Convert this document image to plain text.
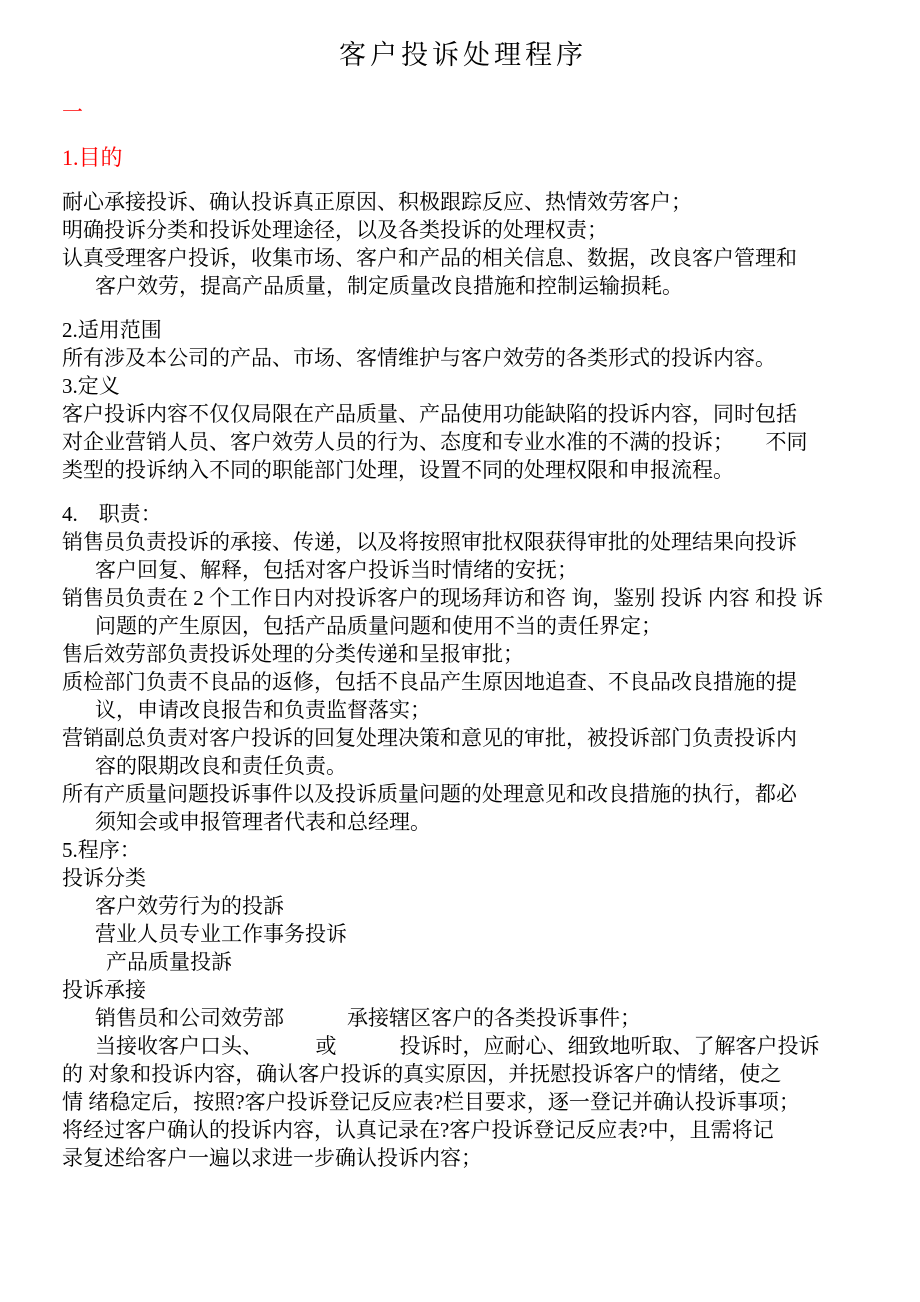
客户投诉处理程序
一
1.目的
耐心承接投诉、确认投诉真正原因、积极跟踪反应、热情效劳客户；
明确投诉分类和投诉处理途径，以及各类投诉的处理权责；
认真受理客户投诉，收集市场、客户和产品的相关信息、数据，改良客户管理和
客户效劳，提高产品质量，制定质量改良措施和控制运输损耗。
2.适用范围
所有涉及本公司的产品、市场、客情维护与客户效劳的各类形式的投诉内容。
3.定义
客户投诉内容不仅仅局限在产品质量、产品使用功能缺陷的投诉内容，同时包括
对企业营销人员、客户效劳人员的行为、态度和专业水准的不满的投诉；　　不同
类型的投诉纳入不同的职能部门处理，设置不同的处理权限和申报流程。
4.　职责：
销售员负责投诉的承接、传递，以及将按照审批权限获得审批的处理结果向投诉
客户回复、解释，包括对客户投诉当时情绪的安抚；
销售员负责在 2 个工作日内对投诉客户的现场拜访和咨 询，鉴别 投诉 内容 和投 诉
问题的产生原因，包括产品质量问题和使用不当的责任界定；
售后效劳部负责投诉处理的分类传递和呈报审批；
质检部门负责不良品的返修，包括不良品产生原因地追查、不良品改良措施的提
议，申请改良报告和负责监督落实；
营销副总负责对客户投诉的回复处理决策和意见的审批，被投诉部门负责投诉内
容的限期改良和责任负责。
所有产质量问题投诉事件以及投诉质量问题的处理意见和改良措施的执行，都必
须知会或申报管理者代表和总经理。
5.程序：
投诉分类
客户效劳行为的投訴
营业人员专业工作事务投诉
产品质量投訴
投诉承接
销售员和公司效劳部　　　承接辖区客户的各类投诉事件；
当接收客户口头、　　　或　　　投诉时，应耐心、细致地听取、了解客户投诉
的 对象和投诉内容，确认客户投诉的真实原因，并抚慰投诉客户的情绪，使之
情 绪稳定后，按照?客户投诉登记反应表?栏目要求，逐一登记并确认投诉事项；
将经过客户确认的投诉内容，认真记录在?客户投诉登记反应表?中，且需将记
录复述给客户一遍以求进一步确认投诉内容；
